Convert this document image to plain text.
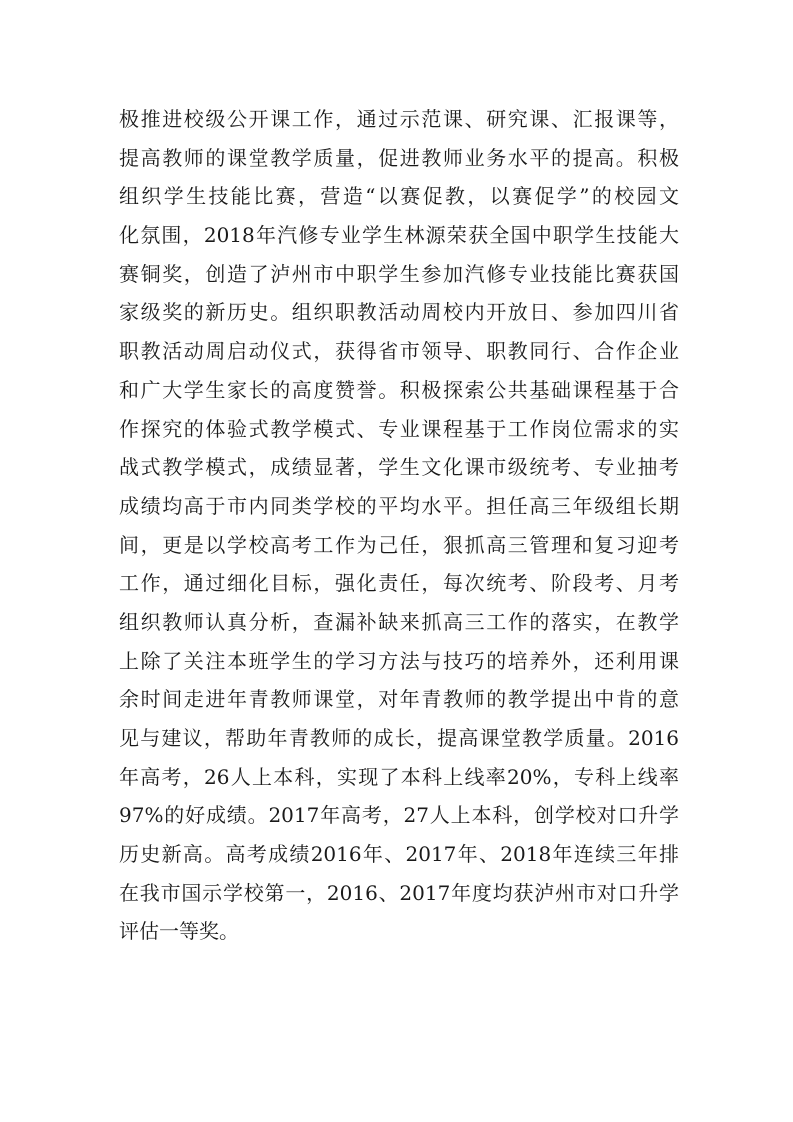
极推进校级公开课工作，通过示范课、研究课、汇报课等，
提高教师的课堂教学质量，促进教师业务水平的提高。积极
组织学生技能比赛，营造“以赛促教，以赛促学”的校园文
化氛围，2018年汽修专业学生林源荣获全国中职学生技能大
赛铜奖，创造了泸州市中职学生参加汽修专业技能比赛获国
家级奖的新历史。组织职教活动周校内开放日、参加四川省
职教活动周启动仪式，获得省市领导、职教同行、合作企业
和广大学生家长的高度赞誉。积极探索公共基础课程基于合
作探究的体验式教学模式、专业课程基于工作岗位需求的实
战式教学模式，成绩显著，学生文化课市级统考、专业抽考
成绩均高于市内同类学校的平均水平。担任高三年级组长期
间，更是以学校高考工作为己任，狠抓高三管理和复习迎考
工作，通过细化目标，强化责任，每次统考、阶段考、月考
组织教师认真分析，查漏补缺来抓高三工作的落实，在教学
上除了关注本班学生的学习方法与技巧的培养外，还利用课
余时间走进年青教师课堂，对年青教师的教学提出中肯的意
见与建议，帮助年青教师的成长，提高课堂教学质量。2016
年高考，26人上本科，实现了本科上线率20%，专科上线率
97%的好成绩。2017年高考，27人上本科，创学校对口升学
历史新高。高考成绩2016年、2017年、2018年连续三年排
在我市国示学校第一，2016、2017年度均获泸州市对口升学
评估一等奖。
